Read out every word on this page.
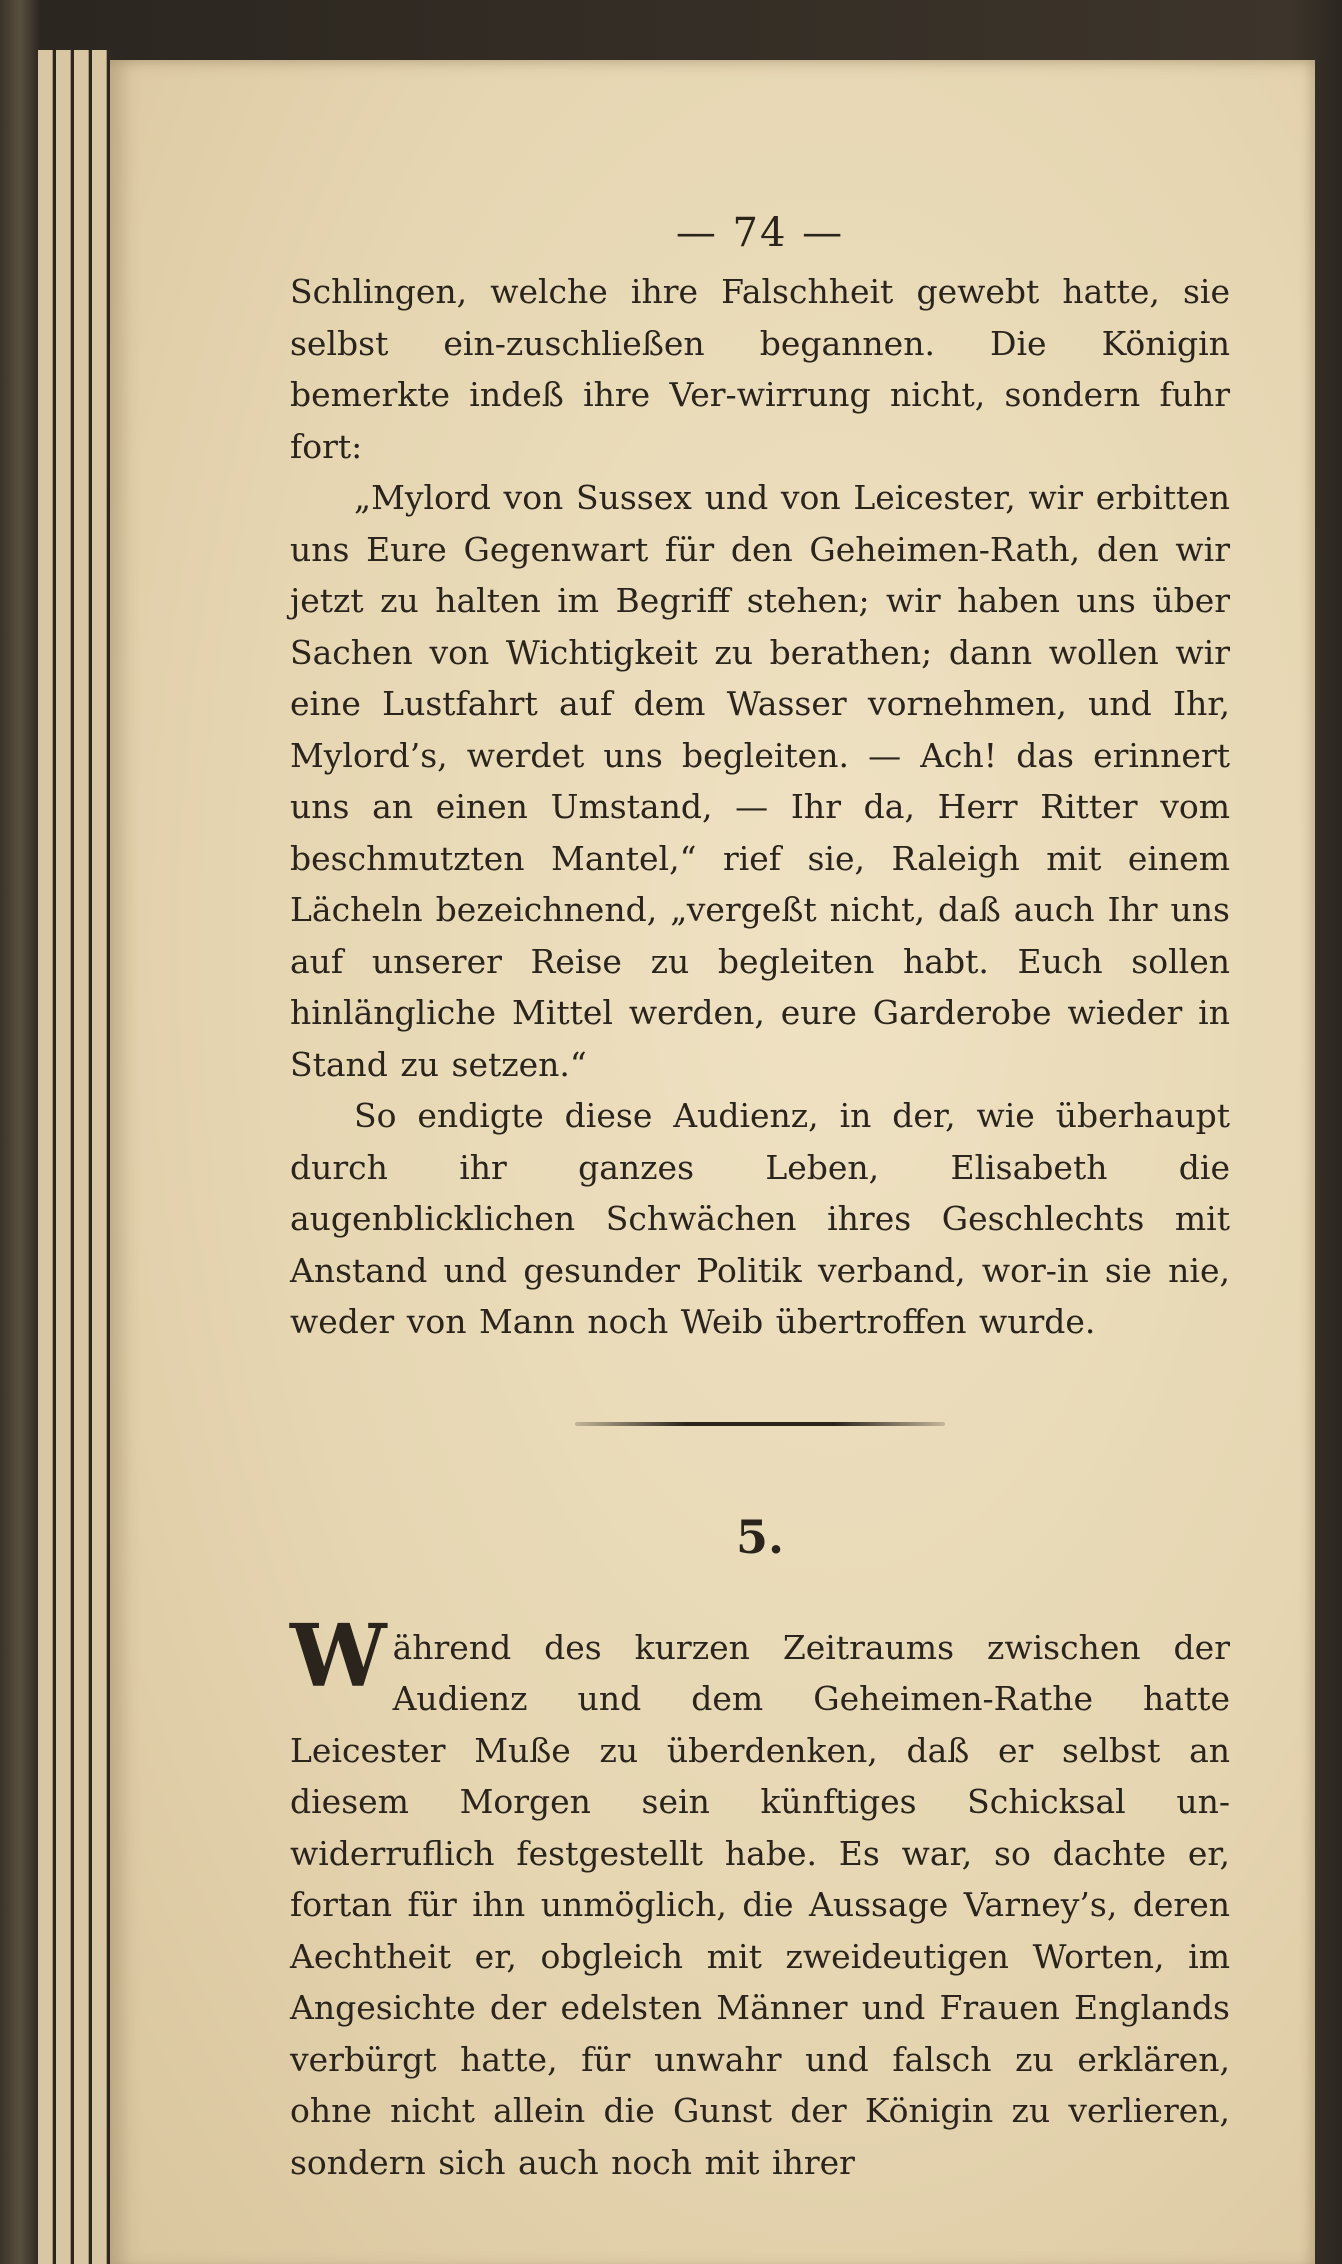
— 74 —

Schlingen, welche ihre Falschheit gewebt hatte, sie selbst ein-zuschließen begannen. Die Königin bemerkte indeß ihre Ver-wirrung nicht, sondern fuhr fort:

„Mylord von Sussex und von Leicester, wir erbitten uns Eure Gegenwart für den Geheimen-Rath, den wir jetzt zu halten im Begriff stehen; wir haben uns über Sachen von Wichtigkeit zu berathen; dann wollen wir eine Lustfahrt auf dem Wasser vornehmen, und Ihr, Mylord’s, werdet uns begleiten. — Ach! das erinnert uns an einen Umstand, — Ihr da, Herr Ritter vom beschmutzten Mantel,“ rief sie, Raleigh mit einem Lächeln bezeichnend, „vergeßt nicht, daß auch Ihr uns auf unserer Reise zu begleiten habt. Euch sollen hinlängliche Mittel werden, eure Garderobe wieder in Stand zu setzen.“

So endigte diese Audienz, in der, wie überhaupt durch ihr ganzes Leben, Elisabeth die augenblicklichen Schwächen ihres Geschlechts mit Anstand und gesunder Politik verband, wor-in sie nie, weder von Mann noch Weib übertroffen wurde.

5.

Während des kurzen Zeitraums zwischen der Audienz und dem Geheimen-Rathe hatte Leicester Muße zu überdenken, daß er selbst an diesem Morgen sein künftiges Schicksal un-widerruflich festgestellt habe. Es war, so dachte er, fortan für ihn unmöglich, die Aussage Varney’s, deren Aechtheit er, obgleich mit zweideutigen Worten, im Angesichte der edelsten Männer und Frauen Englands verbürgt hatte, für unwahr und falsch zu erklären, ohne nicht allein die Gunst der Königin zu verlieren, sondern sich auch noch mit ihrer
